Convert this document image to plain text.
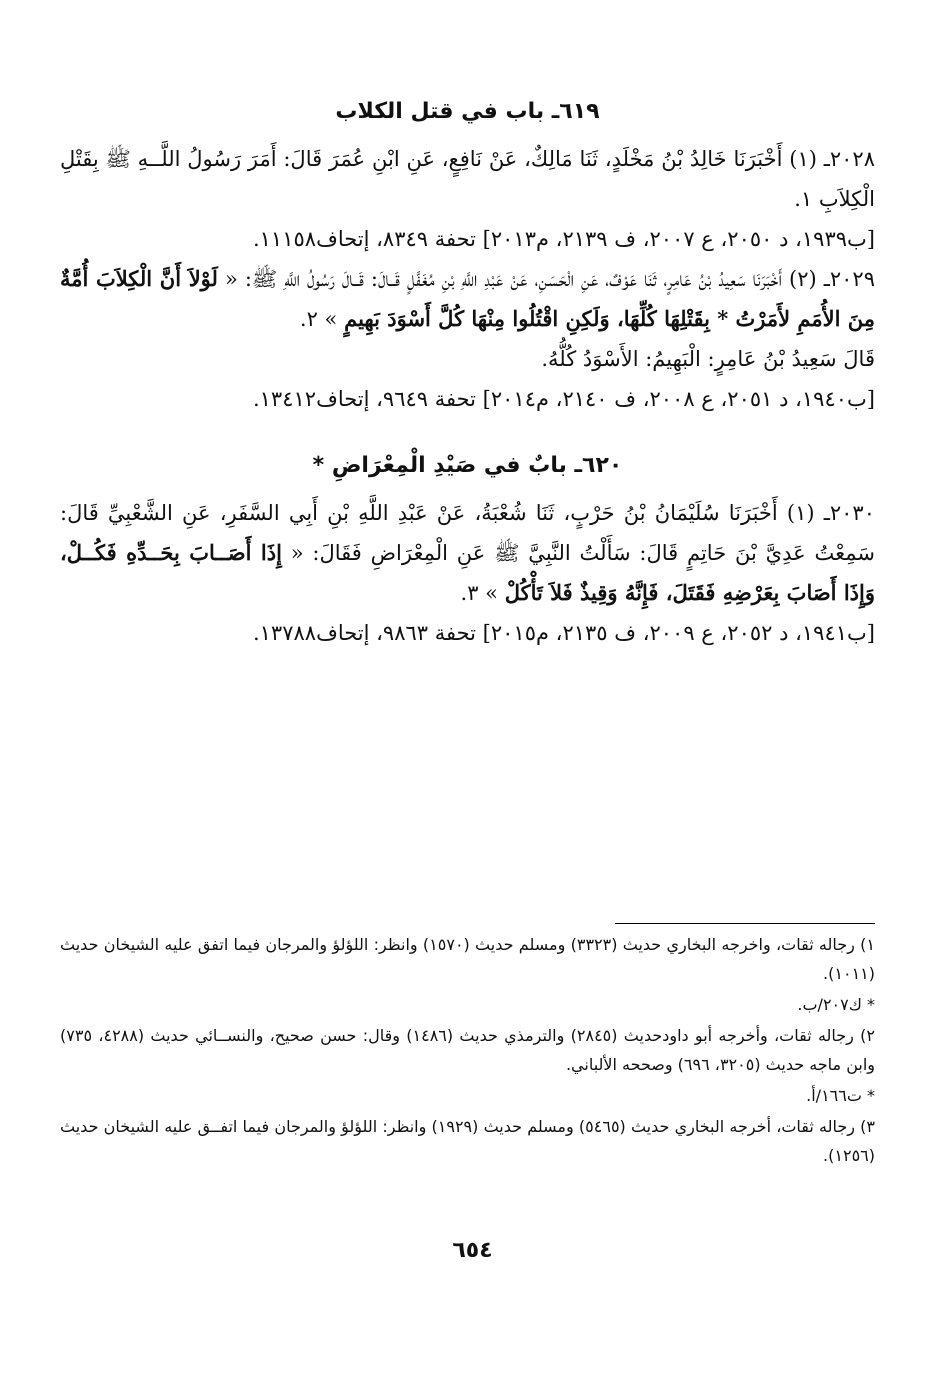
٦١٩ـ باب في قتل الكلاب

٢٠٢٨ـ (١) أَخْبَرَنَا خَالِدُ بْنُ مَخْلَدٍ، ثَنَا مَالِكٌ، عَنْ نَافِعٍ، عَنِ ابْنِ عُمَرَ قَالَ: أَمَرَ رَسُولُ اللَّــهِ ﷺ بِقَتْلِ الْكِلاَبِ ١.

[ب١٩٣٩، د ٢٠٥٠، ع ٢٠٠٧، ف ٢١٣٩، م٢٠١٣] تحفة ٨٣٤٩، إتحاف١١١٥٨.

٢٠٢٩ـ (٢) أَخْبَرَنَا سَعِيدُ بْنُ عَامِرٍ، ثَنَا عَوْفٌ، عَنِ الْحَسَنِ، عَنْ عَبْدِ اللَّهِ بْنِ مُغَفَّلٍ قَــالَ: قَــالَ رَسُولُ اللَّهِ ﷺ: « لَوْلاَ أَنَّ الْكِلاَبَ أُمَّةٌ مِنَ الأُمَمِ لأَمَرْتُ * بِقَتْلِهَا كُلِّهَا، وَلَكِنِ اقْتُلُوا مِنْهَا كُلَّ أَسْوَدَ بَهِيمٍ » ٢.

قَالَ سَعِيدُ بْنُ عَامِرٍ: الْبَهِيمُ: الأَسْوَدُ كُلُّهُ.

[ب١٩٤٠، د ٢٠٥١، ع ٢٠٠٨، ف ٢١٤٠، م٢٠١٤] تحفة ٩٦٤٩، إتحاف١٣٤١٢.

٦٢٠ـ بابٌ في صَيْدِ الْمِعْرَاضِ *

٢٠٣٠ـ (١) أَخْبَرَنَا سُلَيْمَانُ بْنُ حَرْبٍ، ثَنَا شُعْبَةُ، عَنْ عَبْدِ اللَّهِ بْنِ أَبِي السَّفَرِ، عَنِ الشَّعْبِيِّ قَالَ: سَمِعْتُ عَدِيَّ بْنَ حَاتِمٍ قَالَ: سَأَلْتُ النَّبِيَّ ﷺ عَنِ الْمِعْرَاضِ فَقَالَ: « إِذَا أَصَــابَ بِحَــدِّهِ فَكُــلْ، وَإِذَا أَصَابَ بِعَرْضِهِ فَقَتَلَ، فَإِنَّهُ وَقِيذٌ فَلاَ تَأْكُلْ » ٣.

[ب١٩٤١، د ٢٠٥٢، ع ٢٠٠٩، ف ٢١٣٥، م٢٠١٥] تحفة ٩٨٦٣، إتحاف١٣٧٨٨.

١) رجاله ثقات، واخرجه البخاري حديث (٣٣٢٣) ومسلم حديث (١٥٧٠) وانظر: اللؤلؤ والمرجان فيما اتفق عليه الشيخان حديث (١٠١١).

* ك٢٠٧/ب.

٢) رجاله ثقات، وأخرجه أبو داودحديث (٢٨٤٥) والترمذي حديث (١٤٨٦) وقال: حسن صحيح، والنســائي حديث (٤٢٨٨، ٧٣٥) وابن ماجه حديث (٣٢٠٥، ٦٩٦) وصححه الألباني.

* ت١٦٦/أ.

٣) رجاله ثقات، أخرجه البخاري حديث (٥٤٦٥) ومسلم حديث (١٩٢٩) وانظر: اللؤلؤ والمرجان فيما اتفــق عليه الشيخان حديث (١٢٥٦).

٦٥٤
